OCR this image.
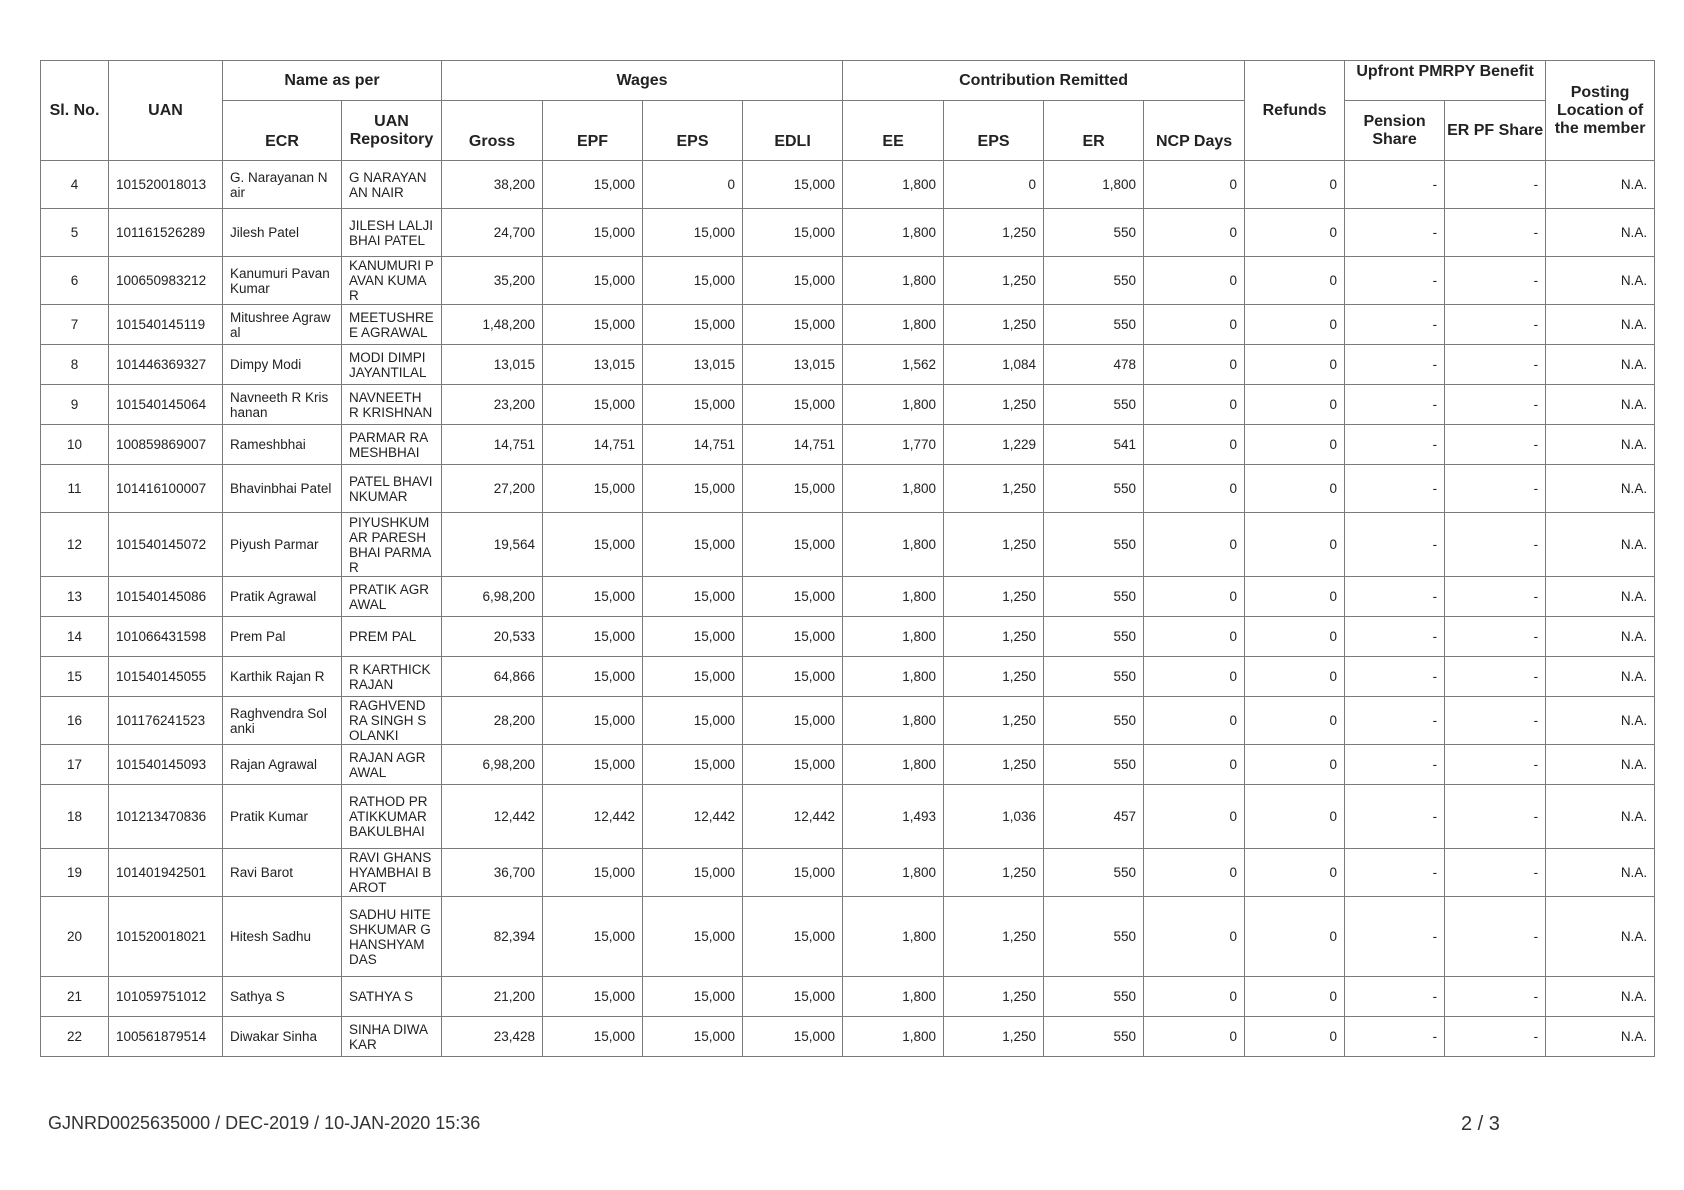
Sl. No.	UAN	Name as per		Wages				Contribution Remitted				Refunds	Upfront PMRPY Benefit		Posting Location of the member
		ECR	UAN Repository	Gross	EPF	EPS	EDLI	EE	EPS	ER	NCP Days		Pension Share	ER PF Share	
4	101520018013	G. Narayanan Nair	G NARAYANAN NAIR	38,200	15,000	0	15,000	1,800	0	1,800	0	0	-	-	N.A.
5	101161526289	Jilesh Patel	JILESH LALJIBHAI PATEL	24,700	15,000	15,000	15,000	1,800	1,250	550	0	0	-	-	N.A.
6	100650983212	Kanumuri Pavan Kumar	KANUMURI PAVAN KUMAR	35,200	15,000	15,000	15,000	1,800	1,250	550	0	0	-	-	N.A.
7	101540145119	Mitushree Agrawal	MEETUSHREE AGRAWAL	1,48,200	15,000	15,000	15,000	1,800	1,250	550	0	0	-	-	N.A.
8	101446369327	Dimpy Modi	MODI DIMPI JAYANTILAL	13,015	13,015	13,015	13,015	1,562	1,084	478	0	0	-	-	N.A.
9	101540145064	Navneeth R Krishanan	NAVNEETH R KRISHNAN	23,200	15,000	15,000	15,000	1,800	1,250	550	0	0	-	-	N.A.
10	100859869007	Rameshbhai	PARMAR RAMESHBHAI	14,751	14,751	14,751	14,751	1,770	1,229	541	0	0	-	-	N.A.
11	101416100007	Bhavinbhai Patel	PATEL BHAVINKUMAR	27,200	15,000	15,000	15,000	1,800	1,250	550	0	0	-	-	N.A.
12	101540145072	Piyush Parmar	PIYUSHKUMAR PARESHBHAI PARMAR	19,564	15,000	15,000	15,000	1,800	1,250	550	0	0	-	-	N.A.
13	101540145086	Pratik Agrawal	PRATIK AGRAWAL	6,98,200	15,000	15,000	15,000	1,800	1,250	550	0	0	-	-	N.A.
14	101066431598	Prem Pal	PREM PAL	20,533	15,000	15,000	15,000	1,800	1,250	550	0	0	-	-	N.A.
15	101540145055	Karthik Rajan R	R KARTHICK RAJAN	64,866	15,000	15,000	15,000	1,800	1,250	550	0	0	-	-	N.A.
16	101176241523	Raghvendra Solanki	RAGHVENDRA SINGH SOLANKI	28,200	15,000	15,000	15,000	1,800	1,250	550	0	0	-	-	N.A.
17	101540145093	Rajan Agrawal	RAJAN AGRAWAL	6,98,200	15,000	15,000	15,000	1,800	1,250	550	0	0	-	-	N.A.
18	101213470836	Pratik Kumar	RATHOD PRATIKKUMAR BAKULBHAI	12,442	12,442	12,442	12,442	1,493	1,036	457	0	0	-	-	N.A.
19	101401942501	Ravi Barot	RAVI GHANSHYAMBHAI BAROT	36,700	15,000	15,000	15,000	1,800	1,250	550	0	0	-	-	N.A.
20	101520018021	Hitesh Sadhu	SADHU HITESHKUMAR GHANSHYAMDAS	82,394	15,000	15,000	15,000	1,800	1,250	550	0	0	-	-	N.A.
21	101059751012	Sathya S	SATHYA S	21,200	15,000	15,000	15,000	1,800	1,250	550	0	0	-	-	N.A.
22	100561879514	Diwakar Sinha	SINHA DIWAKAR	23,428	15,000	15,000	15,000	1,800	1,250	550	0	0	-	-	N.A.
GJNRD0025635000 / DEC-2019 / 10-JAN-2020 15:36	2 / 3
